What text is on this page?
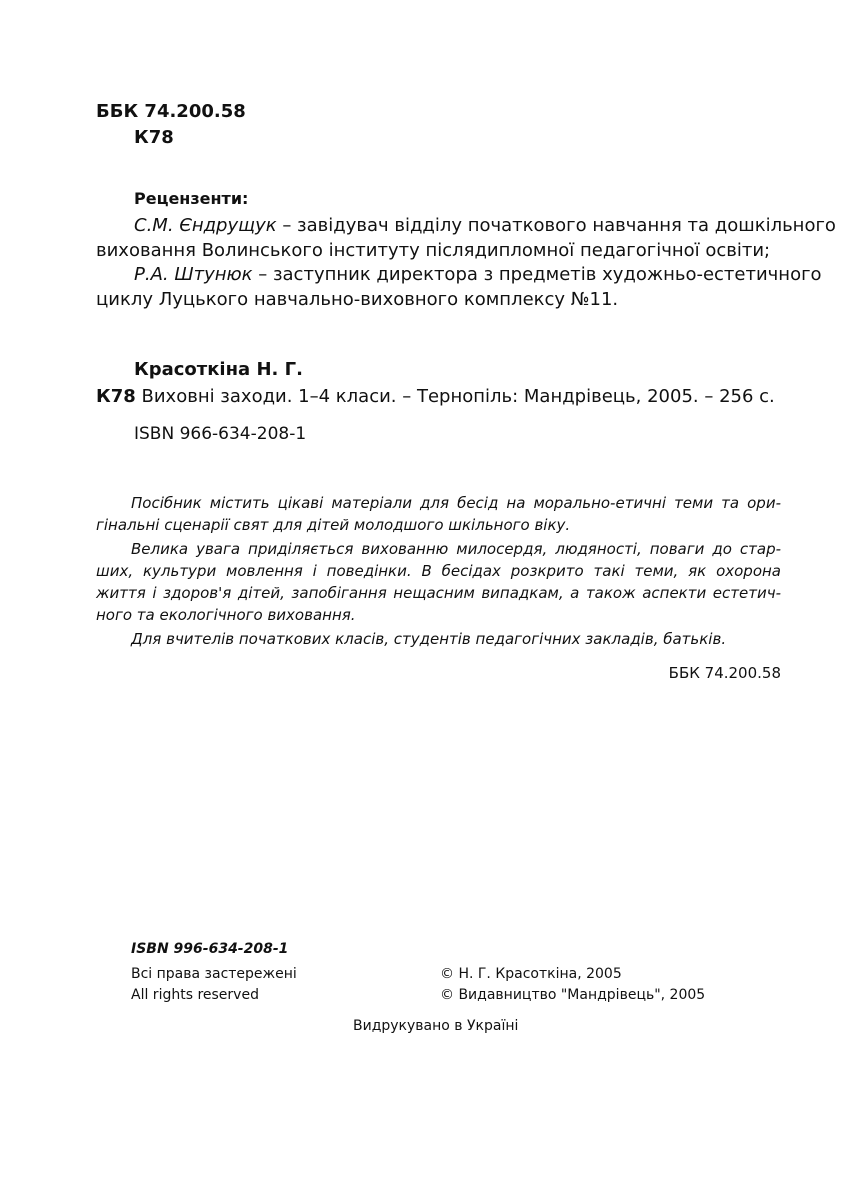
ББК 74.200.58
К78
Рецензенти:
С.М. Єндрущук – завідувач відділу початкового навчання та дошкільного
виховання Волинського інституту післядипломної педагогічної освіти;
Р.А. Штунюк – заступник директора з предметів художньо-естетичного
циклу Луцького навчально-виховного комплексу №11.
Красоткіна Н. Г.
К78 Виховні заходи. 1–4 класи. – Тернопіль: Мандрівець, 2005. – 256 с.
ISBN 966-634-208-1
Посібник містить цікаві матеріали для бесід на морально-етичні теми та ори-
гінальні сценарії свят для дітей молодшого шкільного віку.
Велика увага приділяється вихованню милосердя, людяності, поваги до стар-
ших, культури мовлення і поведінки. В бесідах розкрито такі теми, як охорона
життя і здоров'я дітей, запобігання нещасним випадкам, а також аспекти естетич-
ного та екологічного виховання.
Для вчителів початкових класів, студентів педагогічних закладів, батьків.
ББК 74.200.58
ISBN 996-634-208-1
Всі права застережені
All rights reserved
© Н. Г. Красоткіна, 2005
© Видавництво "Мандрівець", 2005
Видрукувано в Україні
